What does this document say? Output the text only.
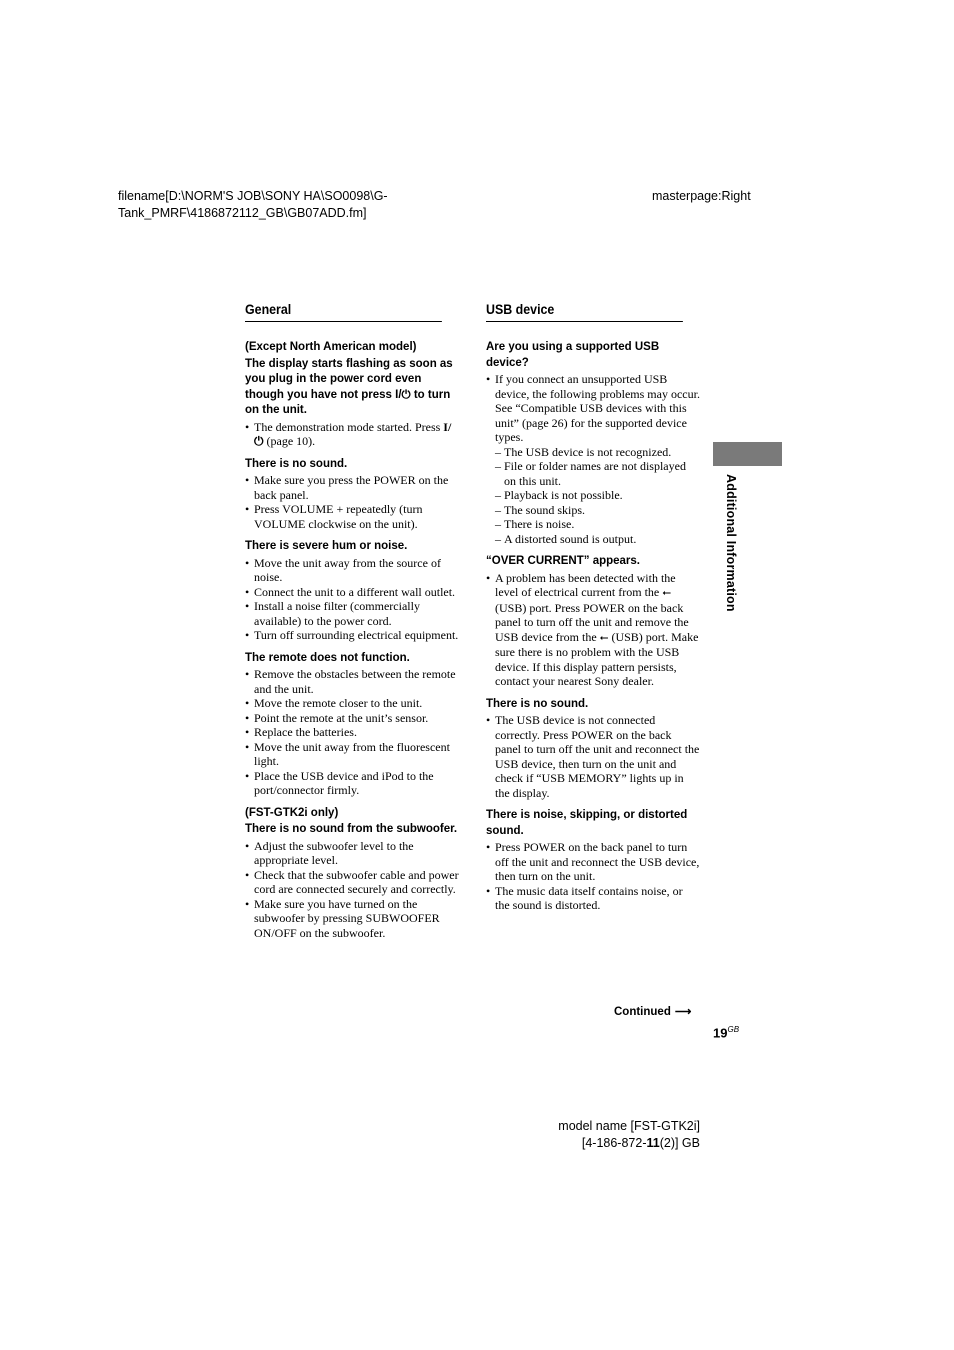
filename[D:\NORM'S JOB\SONY HA\SO0098\G-
Tank_PMRF\4186872112_GB\GB07ADD.fm]
masterpage:Right
General
(Except North American model)
The display starts flashing as soon as you plug in the power cord even though you have not press I/⏻ to turn on the unit.
• The demonstration mode started. Press I/⏻ (page 10).
There is no sound.
• Make sure you press the POWER on the back panel.
• Press VOLUME + repeatedly (turn VOLUME clockwise on the unit).
There is severe hum or noise.
• Move the unit away from the source of noise.
• Connect the unit to a different wall outlet.
• Install a noise filter (commercially available) to the power cord.
• Turn off surrounding electrical equipment.
The remote does not function.
• Remove the obstacles between the remote and the unit.
• Move the remote closer to the unit.
• Point the remote at the unit’s sensor.
• Replace the batteries.
• Move the unit away from the fluorescent light.
• Place the USB device and iPod to the port/connector firmly.
(FST-GTK2i only)
There is no sound from the subwoofer.
• Adjust the subwoofer level to the appropriate level.
• Check that the subwoofer cable and power cord are connected securely and correctly.
• Make sure you have turned on the subwoofer by pressing SUBWOOFER ON/OFF on the subwoofer.
USB device
Are you using a supported USB device?
• If you connect an unsupported USB device, the following problems may occur. See “Compatible USB devices with this unit” (page 26) for the supported device types.
– The USB device is not recognized.
– File or folder names are not displayed on this unit.
– Playback is not possible.
– The sound skips.
– There is noise.
– A distorted sound is output.
“OVER CURRENT” appears.
• A problem has been detected with the level of electrical current from the ⭠ (USB) port. Press POWER on the back panel to turn off the unit and remove the USB device from the ⭠ (USB) port. Make sure there is no problem with the USB device. If this display pattern persists, contact your nearest Sony dealer.
There is no sound.
• The USB device is not connected correctly. Press POWER on the back panel to turn off the unit and reconnect the USB device, then turn on the unit and check if “USB MEMORY” lights up in the display.
There is noise, skipping, or distorted sound.
• Press POWER on the back panel to turn off the unit and reconnect the USB device, then turn on the unit.
• The music data itself contains noise, or the sound is distorted.
Additional Information
Continued ⟶
$19^{GB}$
model name [FST-GTK2i]
[4-186-872-11(2)] GB
